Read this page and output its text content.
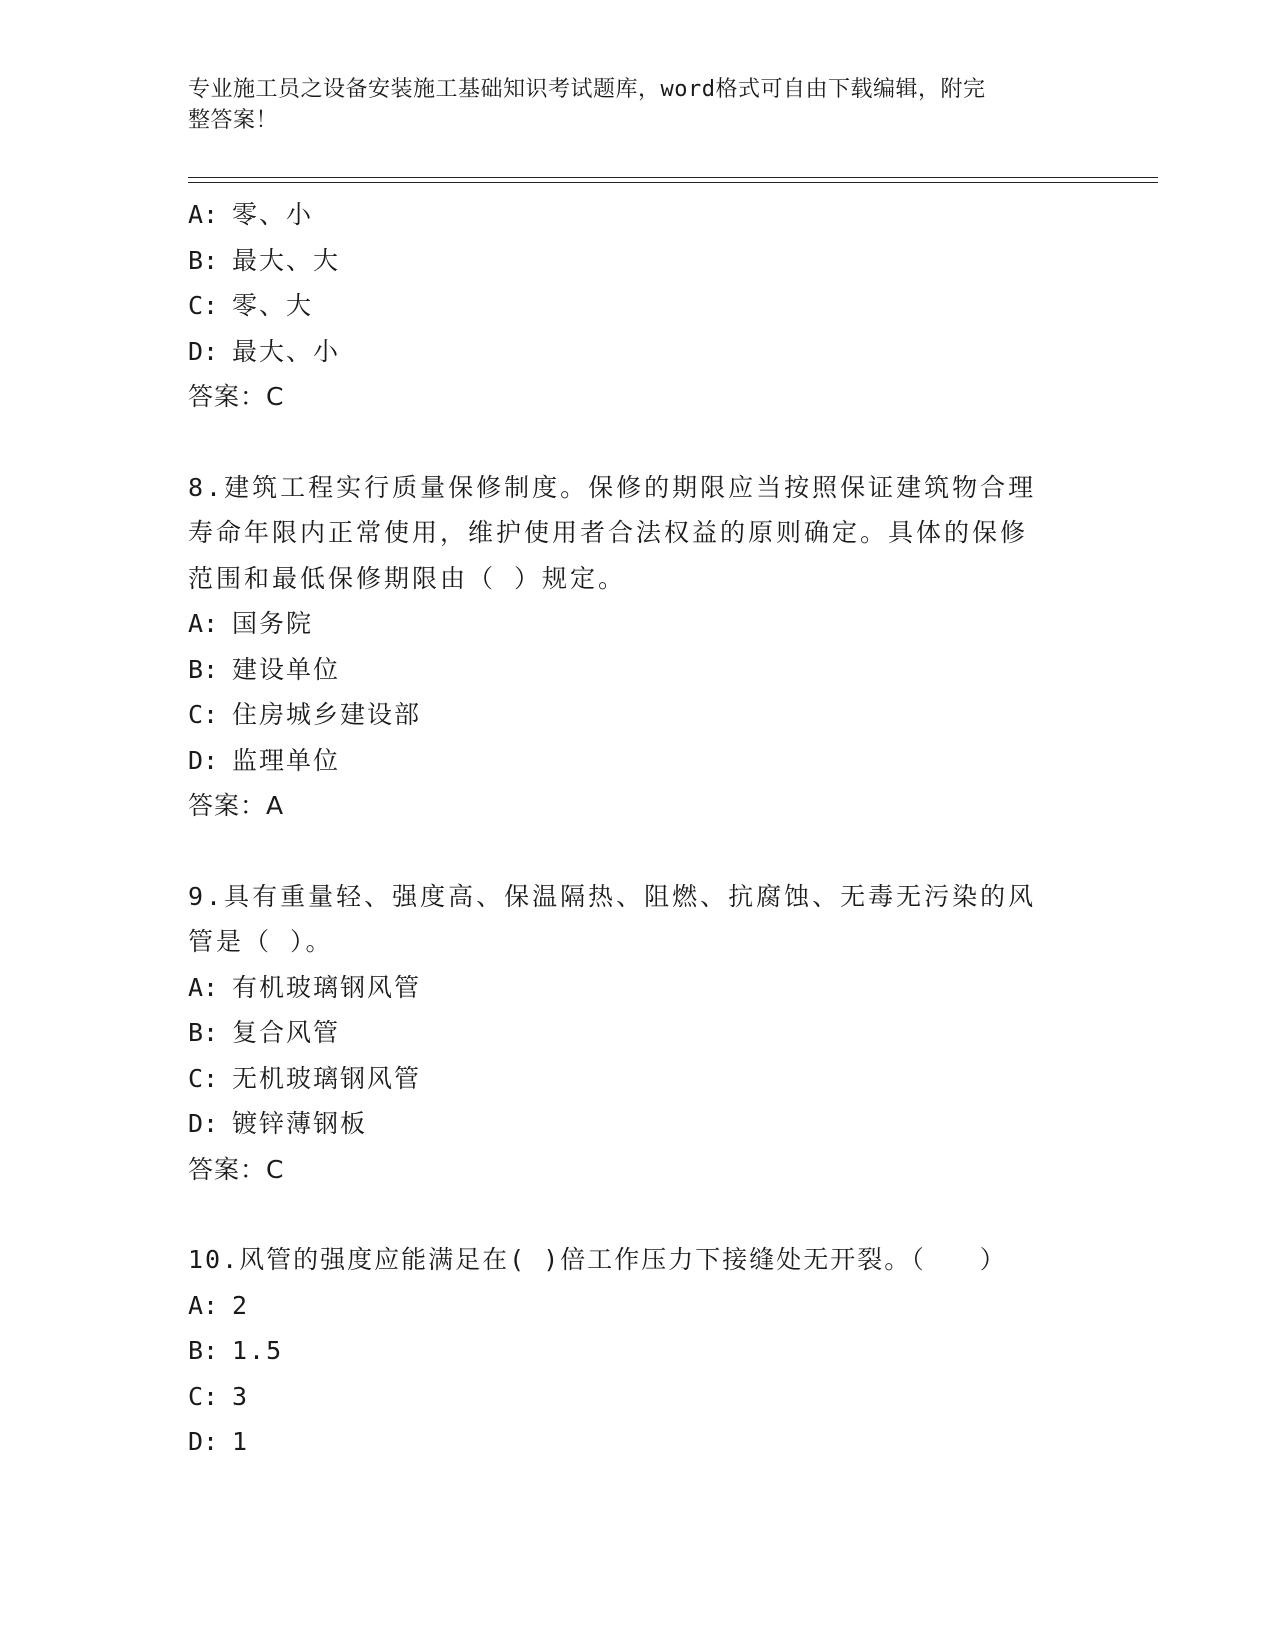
专业施工员之设备安装施工基础知识考试题库，word格式可自由下载编辑，附完
整答案！
A: 零、小
B: 最大、大
C: 零、大
D: 最大、小
答案：C
8.建筑工程实行质量保修制度。保修的期限应当按照保证建筑物合理
寿命年限内正常使用，维护使用者合法权益的原则确定。具体的保修
范围和最低保修期限由（ ）规定。
A: 国务院
B: 建设单位
C: 住房城乡建设部
D: 监理单位
答案：A
9.具有重量轻、强度高、保温隔热、阻燃、抗腐蚀、无毒无污染的风
管是（ ）。
A: 有机玻璃钢风管
B: 复合风管
C: 无机玻璃钢风管
D: 镀锌薄钢板
答案：C
10.风管的强度应能满足在( )倍工作压力下接缝处无开裂。（　　）
A: 2
B: 1.5
C: 3
D: 1
